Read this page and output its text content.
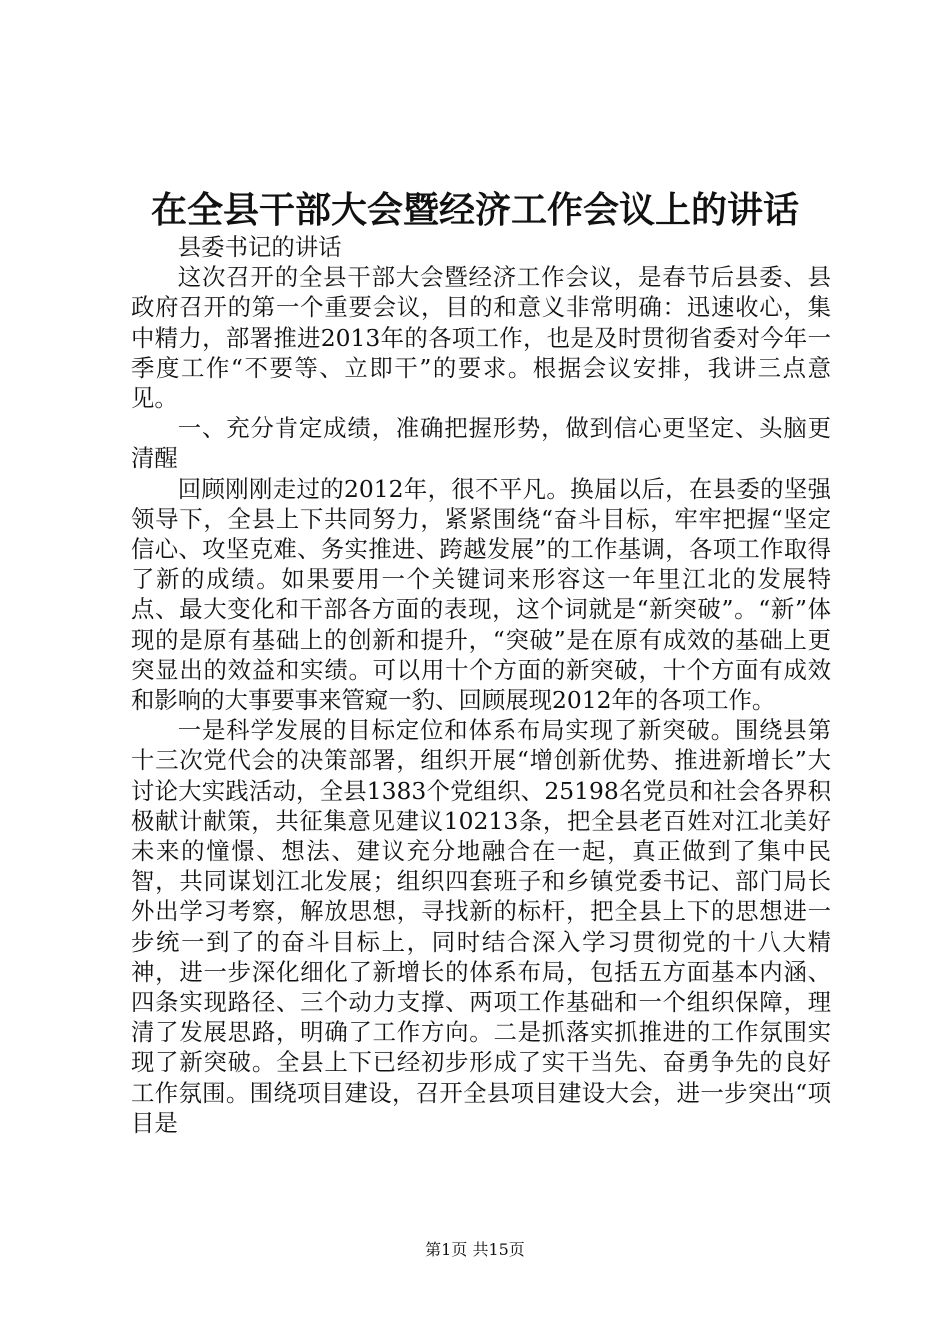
在全县干部大会暨经济工作会议上的讲话

县委书记的讲话

这次召开的全县干部大会暨经济工作会议，是春节后县委、县政府召开的第一个重要会议，目的和意义非常明确：迅速收心，集中精力，部署推进2013年的各项工作，也是及时贯彻省委对今年一季度工作“不要等、立即干”的要求。根据会议安排，我讲三点意见。

一、充分肯定成绩，准确把握形势，做到信心更坚定、头脑更清醒

回顾刚刚走过的2012年，很不平凡。换届以后，在县委的坚强领导下，全县上下共同努力，紧紧围绕“奋斗目标，牢牢把握“坚定信心、攻坚克难、务实推进、跨越发展”的工作基调，各项工作取得了新的成绩。如果要用一个关键词来形容这一年里江北的发展特点、最大变化和干部各方面的表现，这个词就是“新突破”。“新”体现的是原有基础上的创新和提升，“突破”是在原有成效的基础上更突显出的效益和实绩。可以用十个方面的新突破，十个方面有成效和影响的大事要事来管窥一豹、回顾展现2012年的各项工作。

一是科学发展的目标定位和体系布局实现了新突破。围绕县第十三次党代会的决策部署，组织开展“增创新优势、推进新增长”大讨论大实践活动，全县1383个党组织、25198名党员和社会各界积极献计献策，共征集意见建议10213条，把全县老百姓对江北美好未来的憧憬、想法、建议充分地融合在一起，真正做到了集中民智，共同谋划江北发展；组织四套班子和乡镇党委书记、部门局长外出学习考察，解放思想，寻找新的标杆，把全县上下的思想进一步统一到了的奋斗目标上，同时结合深入学习贯彻党的十八大精神，进一步深化细化了新增长的体系布局，包括五方面基本内涵、四条实现路径、三个动力支撑、两项工作基础和一个组织保障，理清了发展思路，明确了工作方向。二是抓落实抓推进的工作氛围实现了新突破。全县上下已经初步形成了实干当先、奋勇争先的良好工作氛围。围绕项目建设，召开全县项目建设大会，进一步突出“项目是

第1页 共15页
